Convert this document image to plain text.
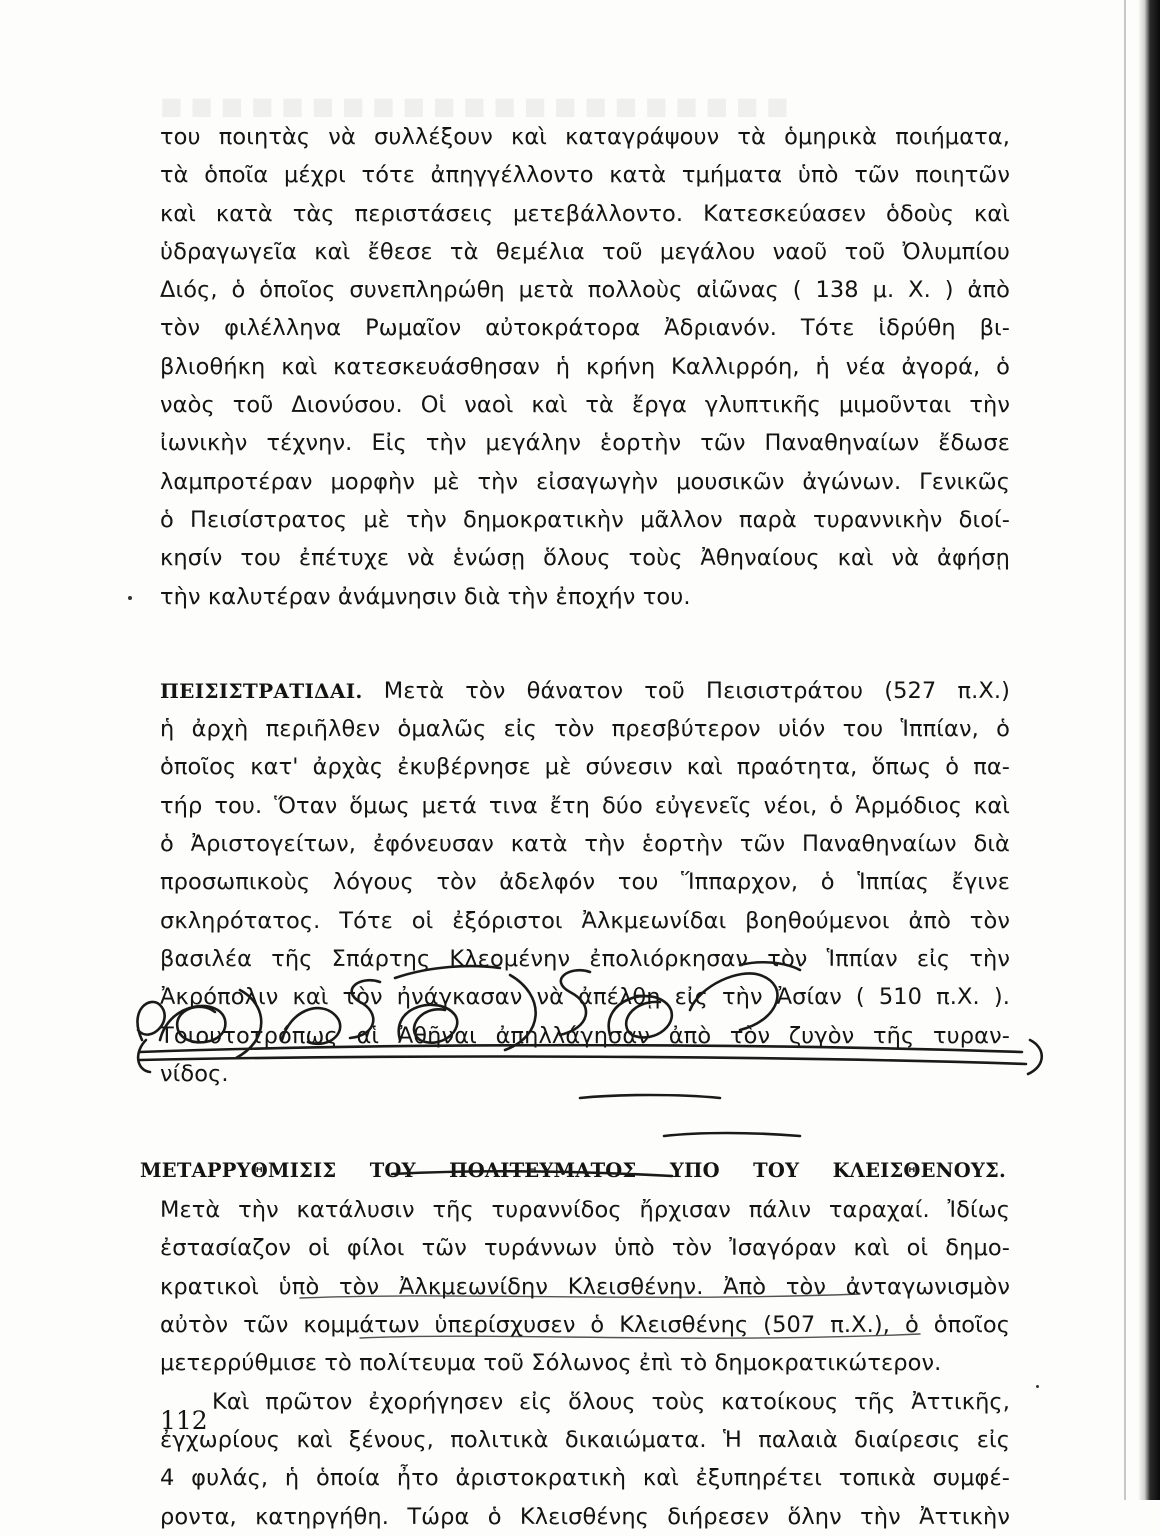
■ ■ ■ ■ ■ ■ ■ ■ ■ ■ ■ ■ ■ ■ ■ ■ ■ ■ ■ ■ ■
του ποιητὰς νὰ συλλέξουν καὶ καταγράψουν τὰ ὁμηρικὰ ποιήματα,
τὰ ὁποῖα μέχρι τότε ἀπηγγέλλοντο κατὰ τμήματα ὑπὸ τῶν ποιητῶν
καὶ κατὰ τὰς περιστάσεις μετεβάλλοντο. Κατεσκεύασεν ὁδοὺς καὶ
ὑδραγωγεῖα καὶ ἔθεσε τὰ θεμέλια τοῦ μεγάλου ναοῦ τοῦ Ὀλυμπίου
Διός, ὁ ὁποῖος συνεπληρώθη μετὰ πολλοὺς αἰῶνας ( 138 μ. Χ. ) ἀπὸ
τὸν φιλέλληνα Ρωμαῖον αὐτοκράτορα Ἀδριανόν. Τότε ἱδρύθη βι-
βλιοθήκη καὶ κατεσκευάσθησαν ἡ κρήνη Καλλιρρόη, ἡ νέα ἀγορά, ὁ
ναὸς τοῦ Διονύσου. Οἱ ναοὶ καὶ τὰ ἔργα γλυπτικῆς μιμοῦνται τὴν
ἰωνικὴν τέχνην. Εἰς τὴν μεγάλην ἑορτὴν τῶν Παναθηναίων ἔδωσε
λαμπροτέραν μορφὴν μὲ τὴν εἰσαγωγὴν μουσικῶν ἀγώνων. Γενικῶς
ὁ Πεισίστρατος μὲ τὴν δημοκρατικὴν μᾶλλον παρὰ τυραννικὴν διοί-
κησίν του ἐπέτυχε νὰ ἑνώσῃ ὅλους τοὺς Ἀθηναίους καὶ νὰ ἀφήσῃ
τὴν καλυτέραν ἀνάμνησιν διὰ τὴν ἐποχήν του.
ΠΕΙΣΙΣΤΡΑΤΙΔΑΙ. Μετὰ τὸν θάνατον τοῦ Πεισιστράτου (527 π.Χ.)
ἡ ἀρχὴ περιῆλθεν ὁμαλῶς εἰς τὸν πρεσβύτερον υἱόν του Ἱππίαν, ὁ
ὁποῖος κατ' ἀρχὰς ἐκυβέρνησε μὲ σύνεσιν καὶ πραότητα, ὅπως ὁ πα-
τήρ του. Ὅταν ὅμως μετά τινα ἔτη δύο εὐγενεῖς νέοι, ὁ Ἁρμόδιος καὶ
ὁ Ἀριστογείτων, ἐφόνευσαν κατὰ τὴν ἑορτὴν τῶν Παναθηναίων διὰ
προσωπικοὺς λόγους τὸν ἀδελφόν του Ἵππαρχον, ὁ Ἱππίας ἔγινε
σκληρότατος. Τότε οἱ ἐξόριστοι Ἀλκμεωνίδαι βοηθούμενοι ἀπὸ τὸν
βασιλέα τῆς Σπάρτης Κλεομένην ἐπολιόρκησαν τὸν Ἱππίαν εἰς τὴν
Ἀκρόπολιν καὶ τὸν ἠνάγκασαν νὰ ἀπέλθῃ εἰς τὴν Ἀσίαν ( 510 π.Χ. ).
Τοιουτοτρόπως αἱ Ἀθῆναι ἀπηλλάγησαν ἀπὸ τὸν ζυγὸν τῆς τυραν-
νίδος.
ΜΕΤΑΡΡΥΘΜΙΣΙΣ ΤΟΥ ΠΟΛΙΤΕΥΜΑΤΟΣ ΥΠΟ ΤΟΥ ΚΛΕΙΣΘΕΝΟΥΣ.
Μετὰ τὴν κατάλυσιν τῆς τυραννίδος ἤρχισαν πάλιν ταραχαί. Ἰδίως
ἐστασίαζον οἱ φίλοι τῶν τυράννων ὑπὸ τὸν Ἰσαγόραν καὶ οἱ δημο-
κρατικοὶ ὑπὸ τὸν Ἀλκμεωνίδην Κλεισθένην. Ἀπὸ τὸν ἀνταγωνισμὸν
αὐτὸν τῶν κομμάτων ὑπερίσχυσεν ὁ Κλεισθένης (507 π.Χ.), ὁ ὁποῖος
μετερρύθμισε τὸ πολίτευμα τοῦ Σόλωνος ἐπὶ τὸ δημοκρατικώτερον.
Καὶ πρῶτον ἐχορήγησεν εἰς ὅλους τοὺς κατοίκους τῆς Ἀττικῆς,
ἐγχωρίους καὶ ξένους, πολιτικὰ δικαιώματα. Ἡ παλαιὰ διαίρεσις εἰς
4 φυλάς, ἡ ὁποία ἦτο ἀριστοκρατικὴ καὶ ἐξυπηρέτει τοπικὰ συμφέ-
ροντα, κατηργήθη. Τώρα ὁ Κλεισθένης διήρεσεν ὅλην τὴν Ἀττικὴν
112
